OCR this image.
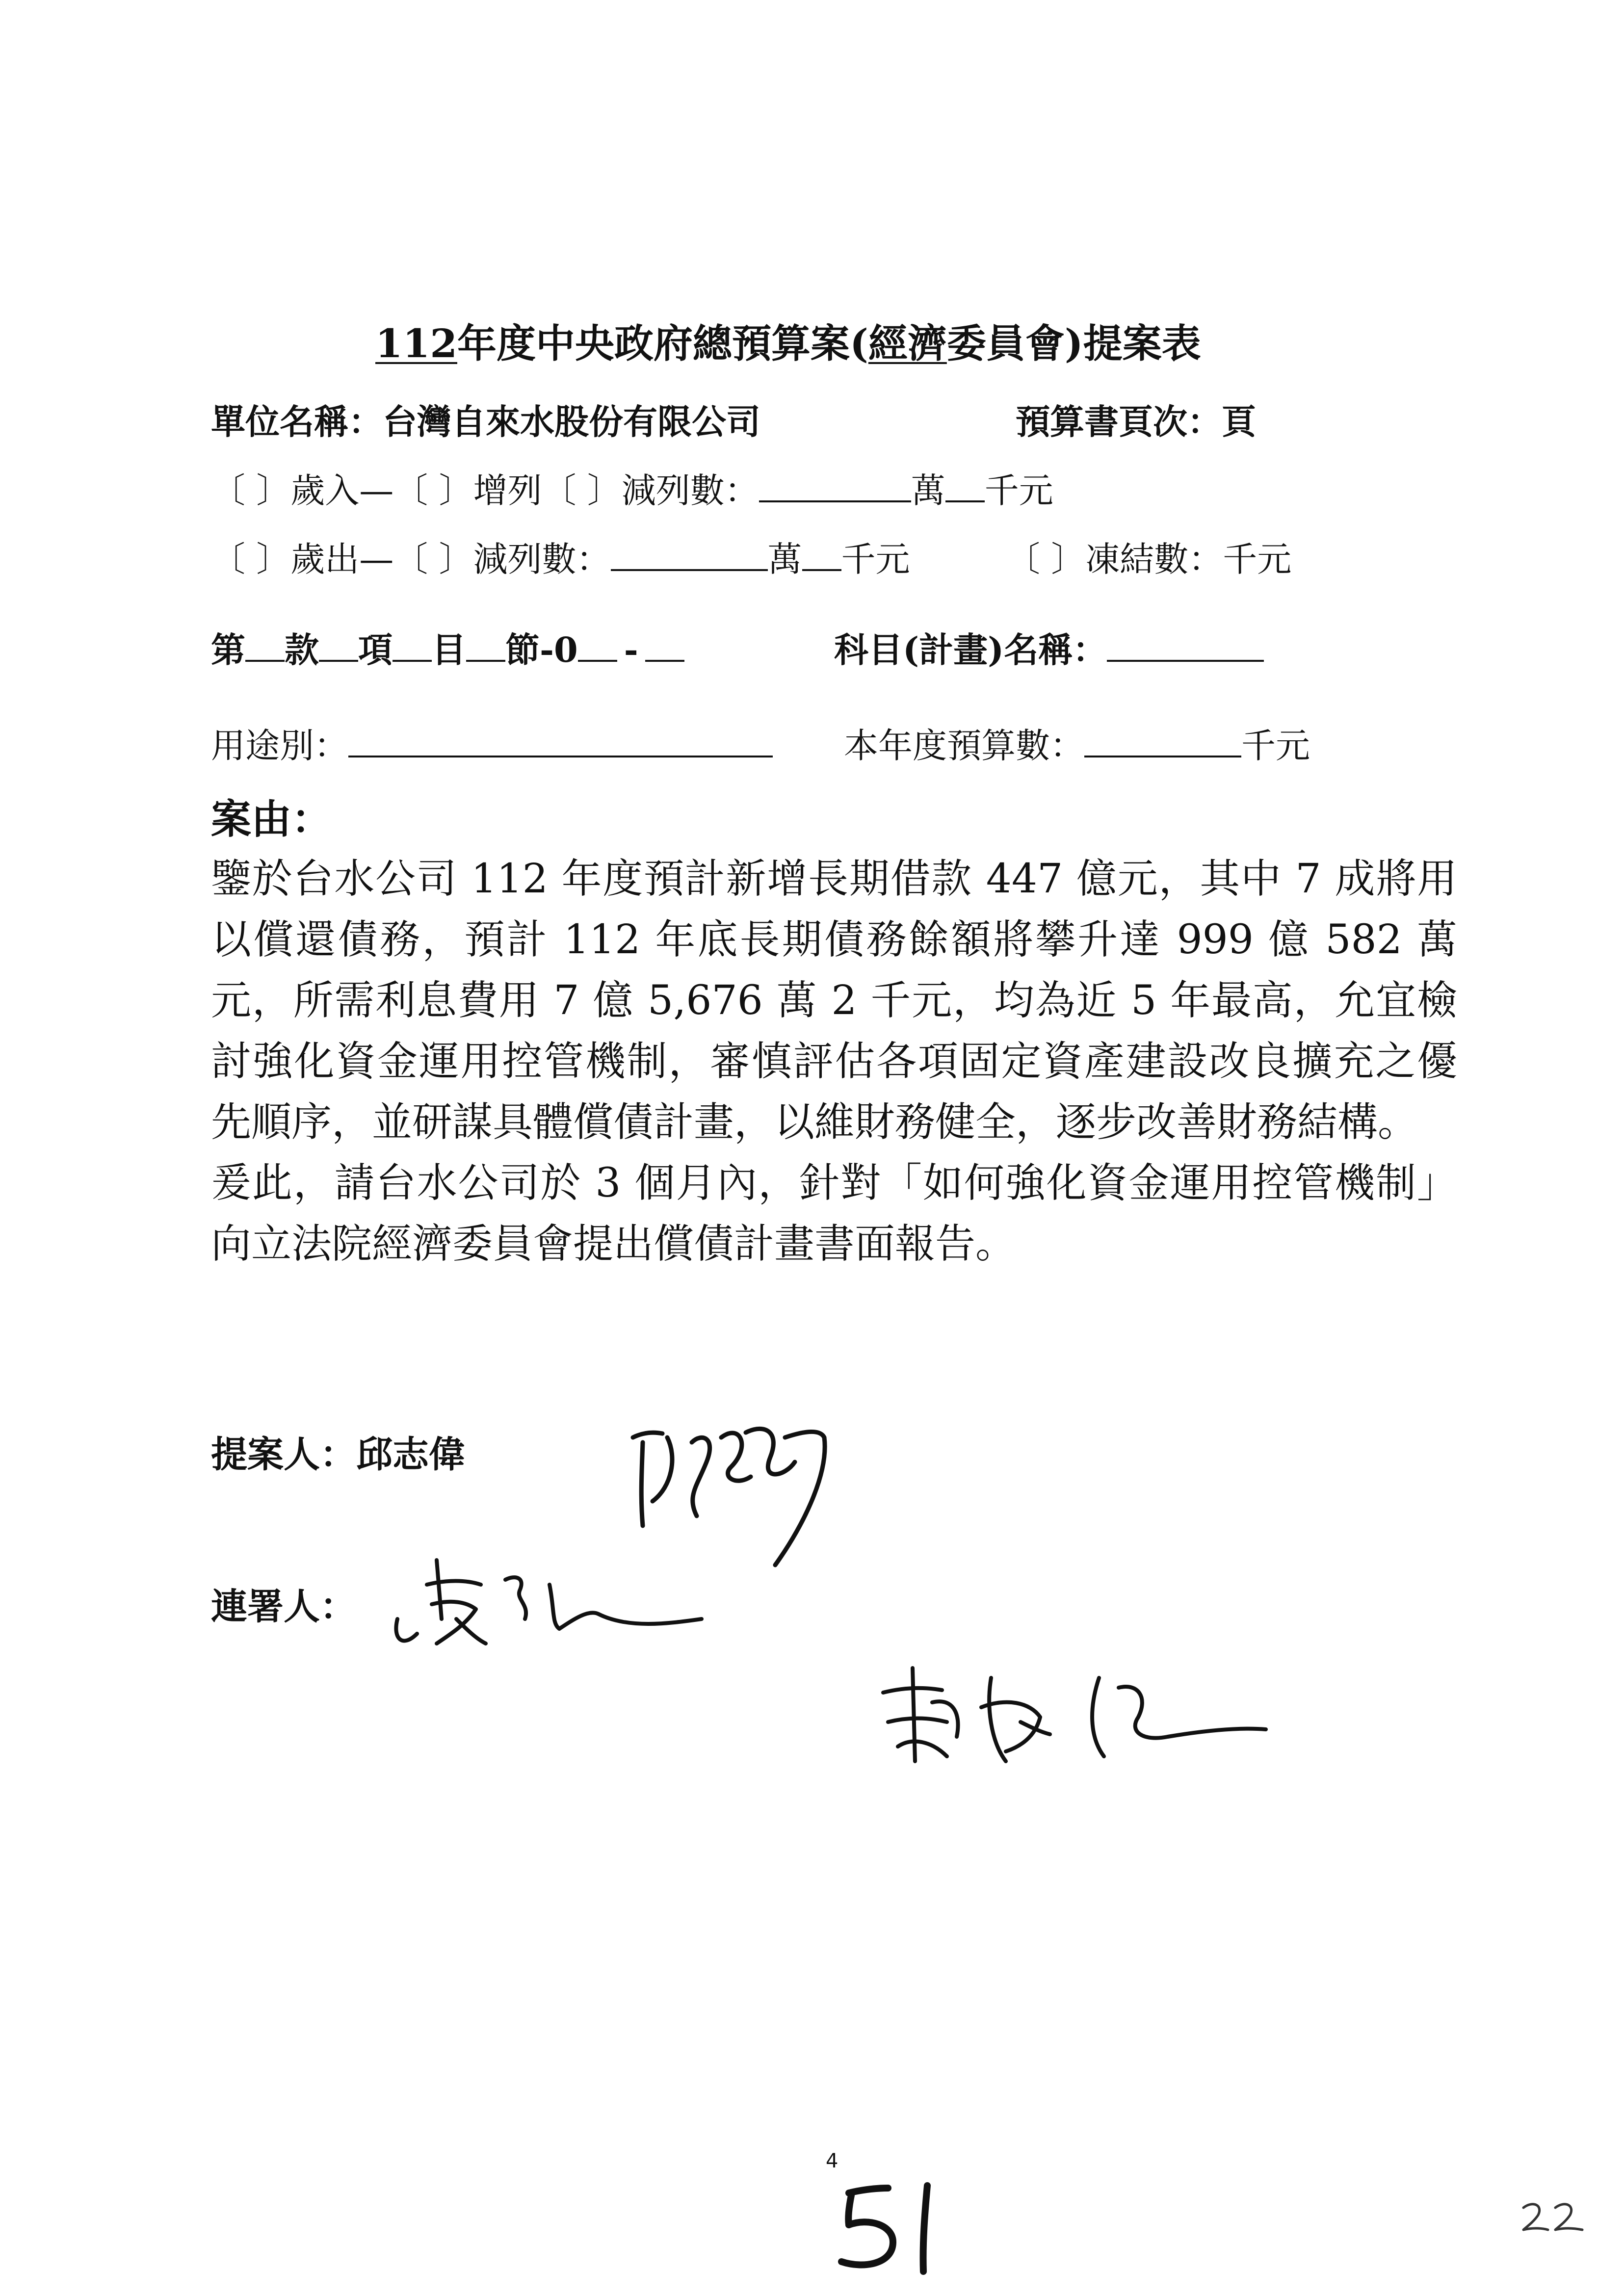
112年度中央政府總預算案(經濟委員會)提案表
單位名稱：台灣自來水股份有限公司	預算書頁次：頁
〔 〕歲入—〔 〕增列〔 〕減列數：	萬 千元
〔 〕歲出—〔 〕減列數：	萬 千元	〔 〕凍結數：千元
第 款 項 目 節-0 -	科目(計畫)名稱：
用途別：	本年度預算數：	千元
案由：

鑒於台水公司 112 年度預計新增長期借款 447 億元，其中 7 成將用以償還債務，預計 112 年底長期債務餘額將攀升達 999 億 582 萬元，所需利息費用 7 億 5,676 萬 2 千元，均為近 5 年最高，允宜檢討強化資金運用控管機制，審慎評估各項固定資產建設改良擴充之優先順序，並研謀具體償債計畫，以維財務健全，逐步改善財務結構。

爰此，請台水公司於 3 個月內，針對「如何強化資金運用控管機制」向立法院經濟委員會提出償債計畫書面報告。

提案人：邱志偉
連署人：
4
